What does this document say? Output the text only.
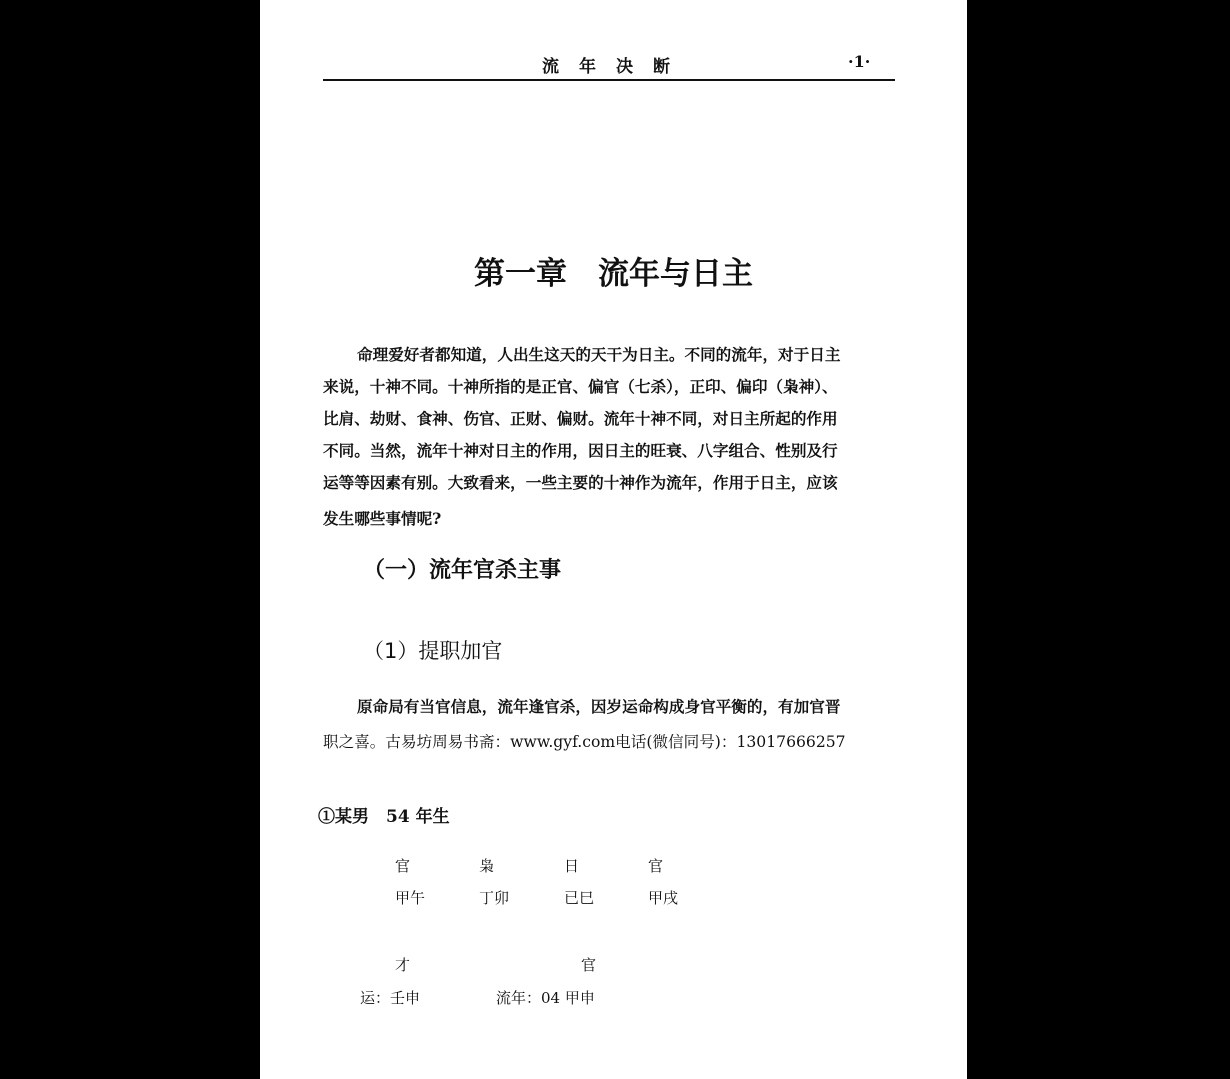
流年决断	·1·
第一章　流年与日主
命理爱好者都知道，人出生这天的天干为日主。不同的流年，对于日主
来说，十神不同。十神所指的是正官、偏官（七杀），正印、偏印（枭神）、
比肩、劫财、食神、伤官、正财、偏财。流年十神不同，对日主所起的作用
不同。当然，流年十神对日主的作用，因日主的旺衰、八字组合、性别及行
运等等因素有别。大致看来，一些主要的十神作为流年，作用于日主，应该
发生哪些事情呢?
（一）流年官杀主事
（1）提职加官
原命局有当官信息，流年逢官杀，因岁运命构成身官平衡的，有加官晋
职之喜。古易坊周易书斋：www.gyf.com电话(微信同号)：13017666257
①某男　54 年生
官	枭	日	官
甲午	丁卯	已巳	甲戌
才	官
运：壬申	流年：04 甲申
